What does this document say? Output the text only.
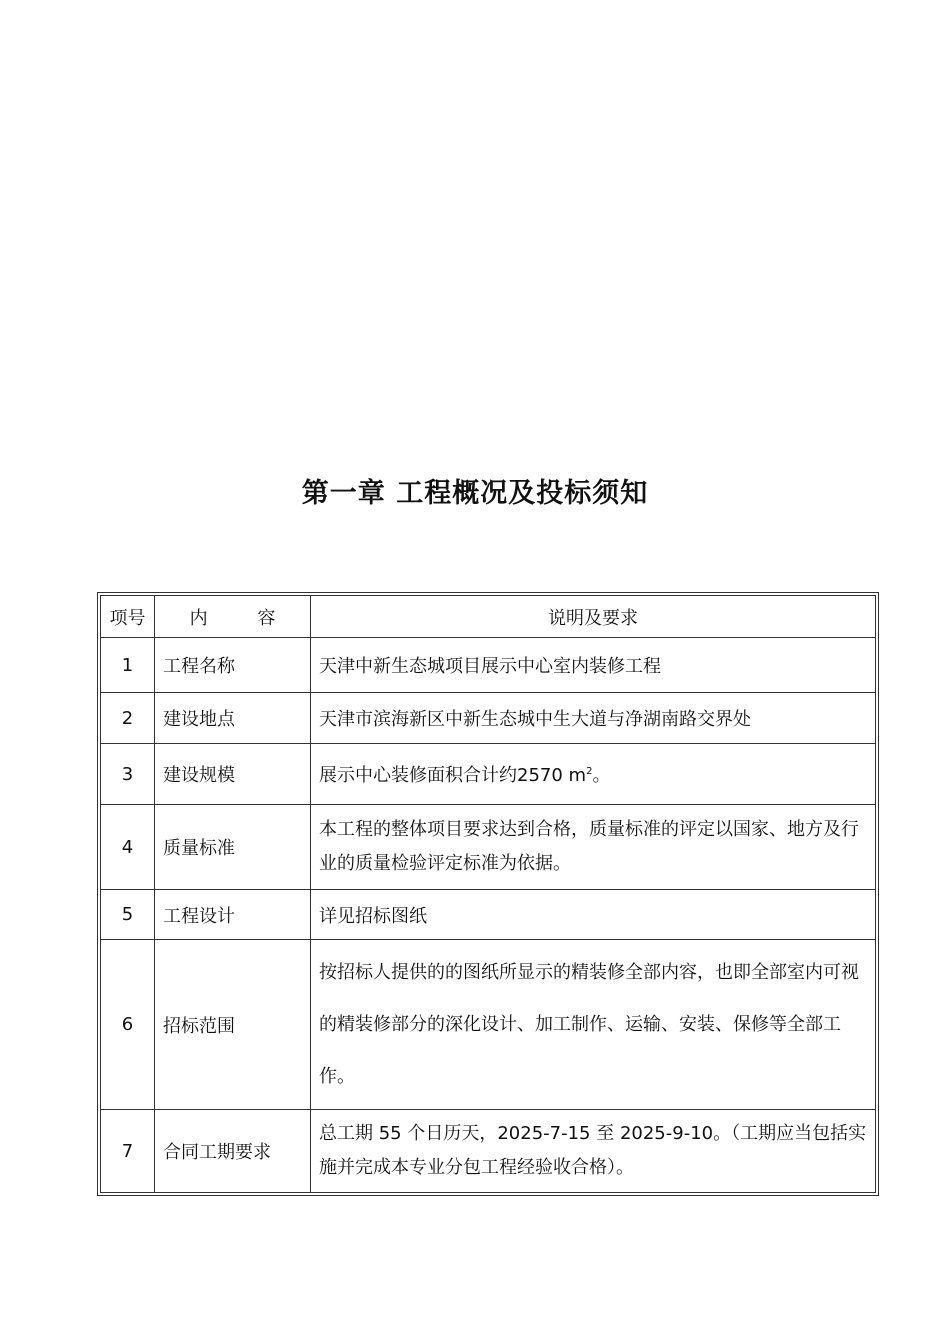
第一章 工程概况及投标须知
项号	内 容	说明及要求
1	工程名称	天津中新生态城项目展示中心室内装修工程
2	建设地点	天津市滨海新区中新生态城中生大道与净湖南路交界处
3	建设规模	展示中心装修面积合计约2570 $m^2$。
4	质量标准	本工程的整体项目要求达到合格，质量标准的评定以国家、地方及行业的质量检验评定标准为依据。
5	工程设计	详见招标图纸
6	招标范围	按招标人提供的的图纸所显示的精装修全部内容，也即全部室内可视的精装修部分的深化设计、加工制作、运输、安装、保修等全部工作。
7	合同工期要求	总工期 55 个日历天，2025-7-15 至 2025-9-10。（工期应当包括实施并完成本专业分包工程经验收合格）。
